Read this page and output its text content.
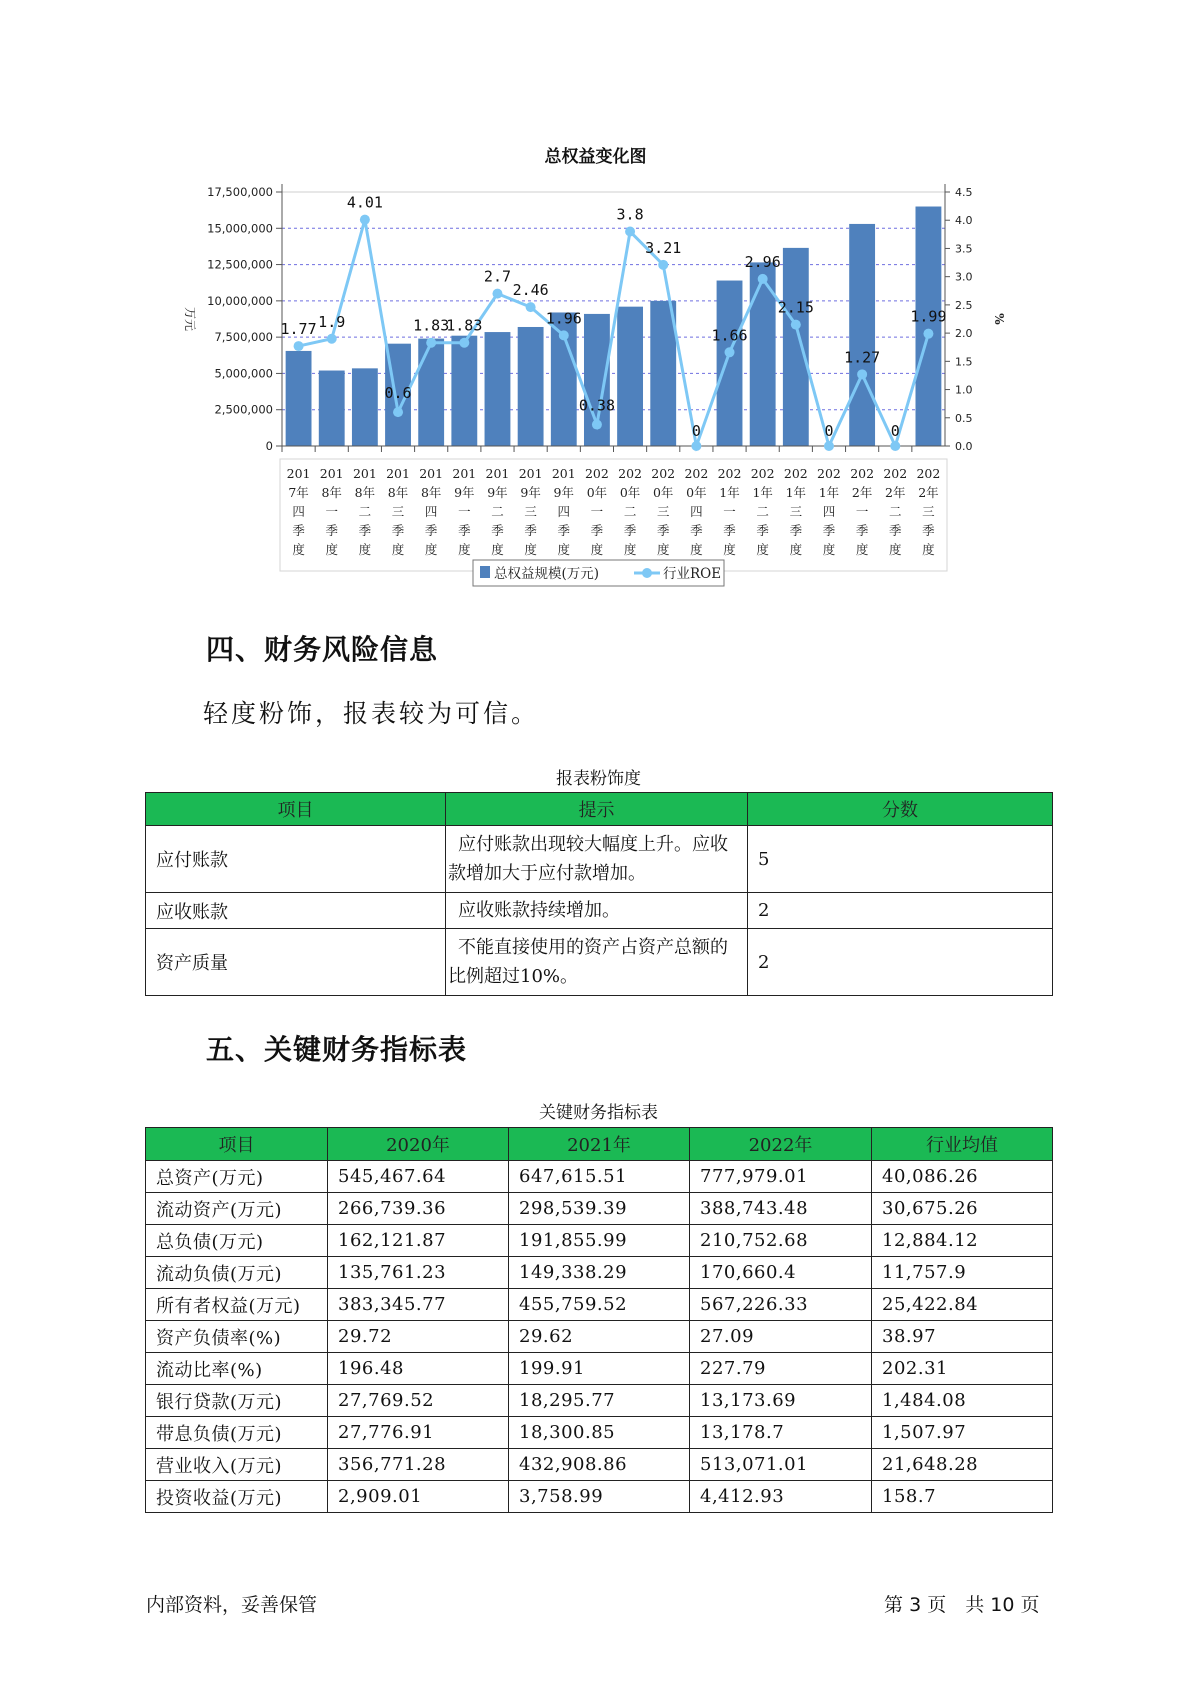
总权益变化图
0
2,500,000
5,000,000
7,500,000
10,000,000
12,500,000
15,000,000
17,500,000
0.0
0.5
1.0
1.5
2.0
2.5
3.0
3.5
4.0
4.5
万元	%
201
7年
四
季
度
201
8年
一
季
度
201
8年
二
季
度
201
8年
三
季
度
201
8年
四
季
度
201
9年
一
季
度
201
9年
二
季
度
201
9年
三
季
度
201
9年
四
季
度
202
0年
一
季
度
202
0年
二
季
度
202
0年
三
季
度
202
0年
四
季
度
202
1年
一
季
度
202
1年
二
季
度
202
1年
三
季
度
202
1年
四
季
度
202
2年
一
季
度
202
2年
二
季
度
202
2年
三
季
度
1.77 1.9
4.01
0.6
1.83
1.83
2.7
2.46
1.96
0.38
3.8
3.21
0
1.66
2.96
2.15
0
1.27
0
1.99
总权益规模(万元)	行业ROE
四、财务风险信息
轻度粉饰，报表较为可信。
报表粉饰度
项目	提示	分数
应付账款	应付账款出现较大幅度上升。应收款增加大于应付款增加。	5
应收账款	应收账款持续增加。	2
资产质量	不能直接使用的资产占资产总额的比例超过10%。	2
五、关键财务指标表
关键财务指标表
项目	2020年	2021年	2022年	行业均值
总资产(万元)	545,467.64	647,615.51	777,979.01	40,086.26
流动资产(万元)	266,739.36	298,539.39	388,743.48	30,675.26
总负债(万元)	162,121.87	191,855.99	210,752.68	12,884.12
流动负债(万元)	135,761.23	149,338.29	170,660.4	11,757.9
所有者权益(万元)	383,345.77	455,759.52	567,226.33	25,422.84
资产负债率(%)	29.72	29.62	27.09	38.97
流动比率(%)	196.48	199.91	227.79	202.31
银行贷款(万元)	27,769.52	18,295.77	13,173.69	1,484.08
带息负债(万元)	27,776.91	18,300.85	13,178.7	1,507.97
营业收入(万元)	356,771.28	432,908.86	513,071.01	21,648.28
投资收益(万元)	2,909.01	3,758.99	4,412.93	158.7
内部资料，妥善保管	第 3 页　共 10 页
